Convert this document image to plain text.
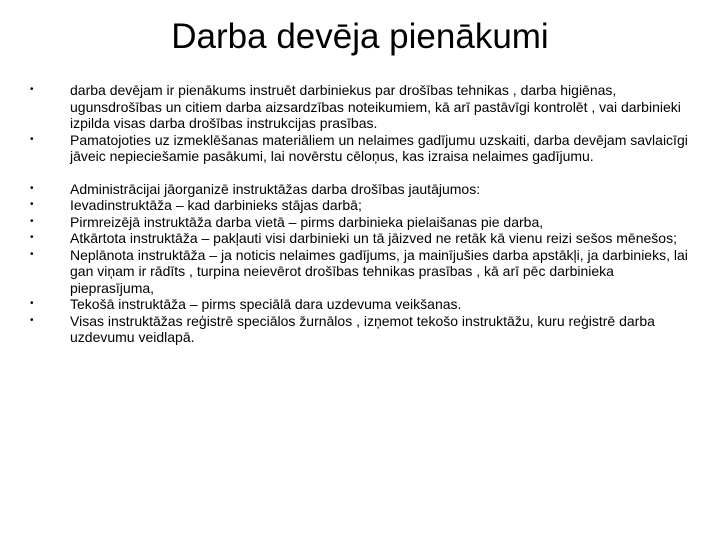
Darba devēja pienākumi
•	darba devējam ir pienākums instruēt darbiniekus par drošības tehnikas , darba higiēnas, ugunsdrošības un citiem darba aizsardzības noteikumiem, kā arī pastāvīgi kontrolēt , vai darbinieki izpilda visas darba drošības instrukcijas prasības.
•	Pamatojoties uz izmeklēšanas materiāliem un nelaimes gadījumu uzskaiti, darba devējam savlaicīgi jāveic nepieciešamie pasākumi, lai novērstu cēloņus, kas izraisa nelaimes gadījumu.
•	Administrācijai jāorganizē instruktāžas darba drošības jautājumos:
•	Ievadinstruktāža – kad darbinieks stājas darbā;
•	Pirmreizējā instruktāža darba vietā – pirms darbinieka pielaišanas pie darba,
•	Atkārtota instruktāža – pakļauti visi darbinieki un tā jāizved ne retāk kā vienu reizi sešos mēnešos;
•	Neplānota instruktāža – ja noticis nelaimes gadījums, ja mainījušies darba apstākļi, ja darbinieks, lai gan viņam ir rādīts , turpina neievērot drošības tehnikas prasības , kā arī pēc darbinieka pieprasījuma,
•	Tekošā instruktāža – pirms speciālā dara uzdevuma veikšanas.
•	Visas instruktāžas reģistrē speciālos žurnālos , izņemot tekošo instruktāžu, kuru reģistrē darba uzdevumu veidlapā.
